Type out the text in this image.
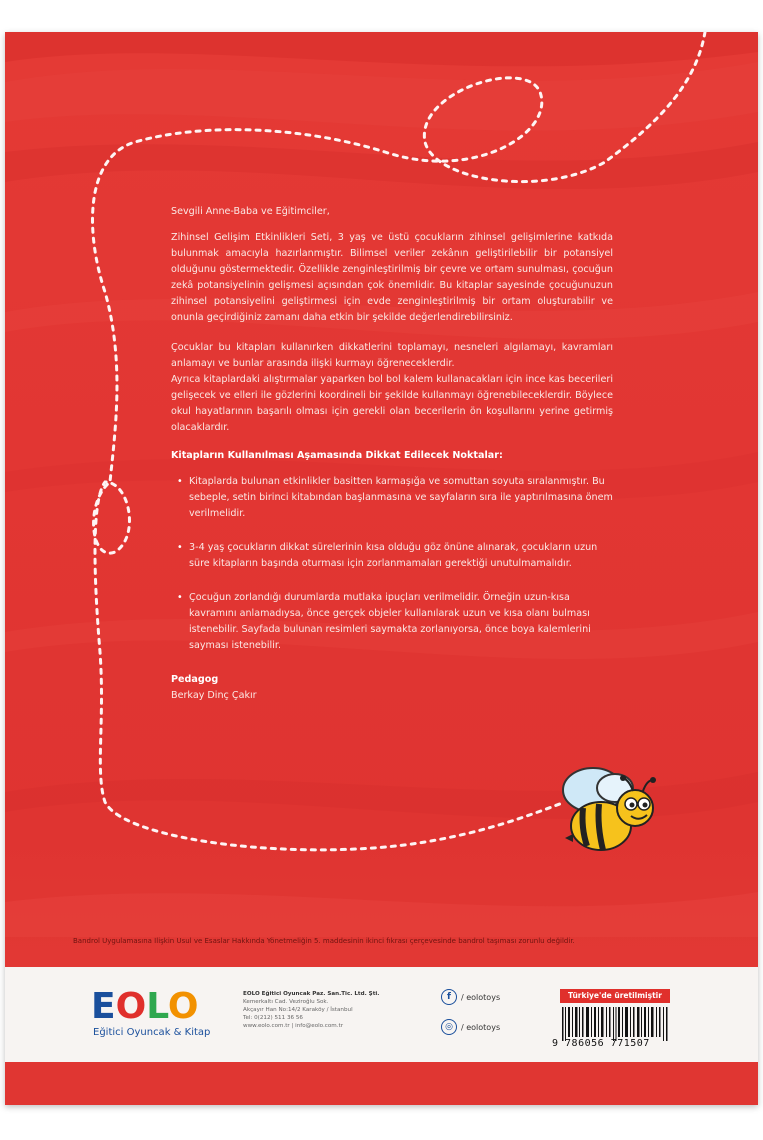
Sevgili Anne-Baba ve Eğitimciler,

Zihinsel Gelişim Etkinlikleri Seti, 3 yaş ve üstü çocukların zihinsel gelişimlerine katkıda bulunmak amacıyla hazırlanmıştır. Bilimsel veriler zekânın geliştirilebilir bir potansiyel olduğunu göstermektedir. Özellikle zenginleştirilmiş bir çevre ve ortam sunulması, çocuğun zekâ potansiyelinin gelişmesi açısından çok önemlidir. Bu kitaplar sayesinde çocuğunuzun zihinsel potansiyelini geliştirmesi için evde zenginleştirilmiş bir ortam oluşturabilir ve onunla geçirdiğiniz zamanı daha etkin bir şekilde değerlendirebilirsiniz.

Çocuklar bu kitapları kullanırken dikkatlerini toplamayı, nesneleri algılamayı, kavramları anlamayı ve bunlar arasında ilişki kurmayı öğreneceklerdir.

Ayrıca kitaplardaki alıştırmalar yaparken bol bol kalem kullanacakları için ince kas becerileri gelişecek ve elleri ile gözlerini koordineli bir şekilde kullanmayı öğrenebileceklerdir. Böylece okul hayatlarının başarılı olması için gerekli olan becerilerin ön koşullarını yerine getirmiş olacaklardır.

Kitapların Kullanılması Aşamasında Dikkat Edilecek Noktalar:

• Kitaplarda bulunan etkinlikler basitten karmaşığa ve somuttan soyuta sıralanmıştır. Bu sebeple, setin birinci kitabından başlanmasına ve sayfaların sıra ile yaptırılmasına önem verilmelidir.
• 3-4 yaş çocukların dikkat sürelerinin kısa olduğu göz önüne alınarak, çocukların uzun süre kitapların başında oturması için zorlanmamaları gerektiği unutulmamalıdır.
• Çocuğun zorlandığı durumlarda mutlaka ipuçları verilmelidir. Örneğin uzun-kısa kavramını anlamadıysa, önce gerçek objeler kullanılarak uzun ve kısa olanı bulması istenebilir. Sayfada bulunan resimleri saymakta zorlanıyorsa, önce boya kalemlerini sayması istenebilir.

Pedagog

Berkay Dinç Çakır

Bandrol Uygulamasına İlişkin Usul ve Esaslar Hakkında Yönetmeliğin 5. maddesinin ikinci fıkrası çerçevesinde bandrol taşıması zorunlu değildir.
EOLO
Eğitici Oyuncak & Kitap
EOLO Eğitici Oyuncak Paz. San.Tic. Ltd. Şti.
Kemerkaltı Cad. Veziroğlu Sok.
Akçayır Han No:14/2 Karaköy / İstanbul
Tel: 0(212) 511 36 56
www.eolo.com.tr | info@eolo.com.tr
f	/ eolotoys
◎	/ eolotoys
Türkiye'de üretilmiştir
9 786056 771507
